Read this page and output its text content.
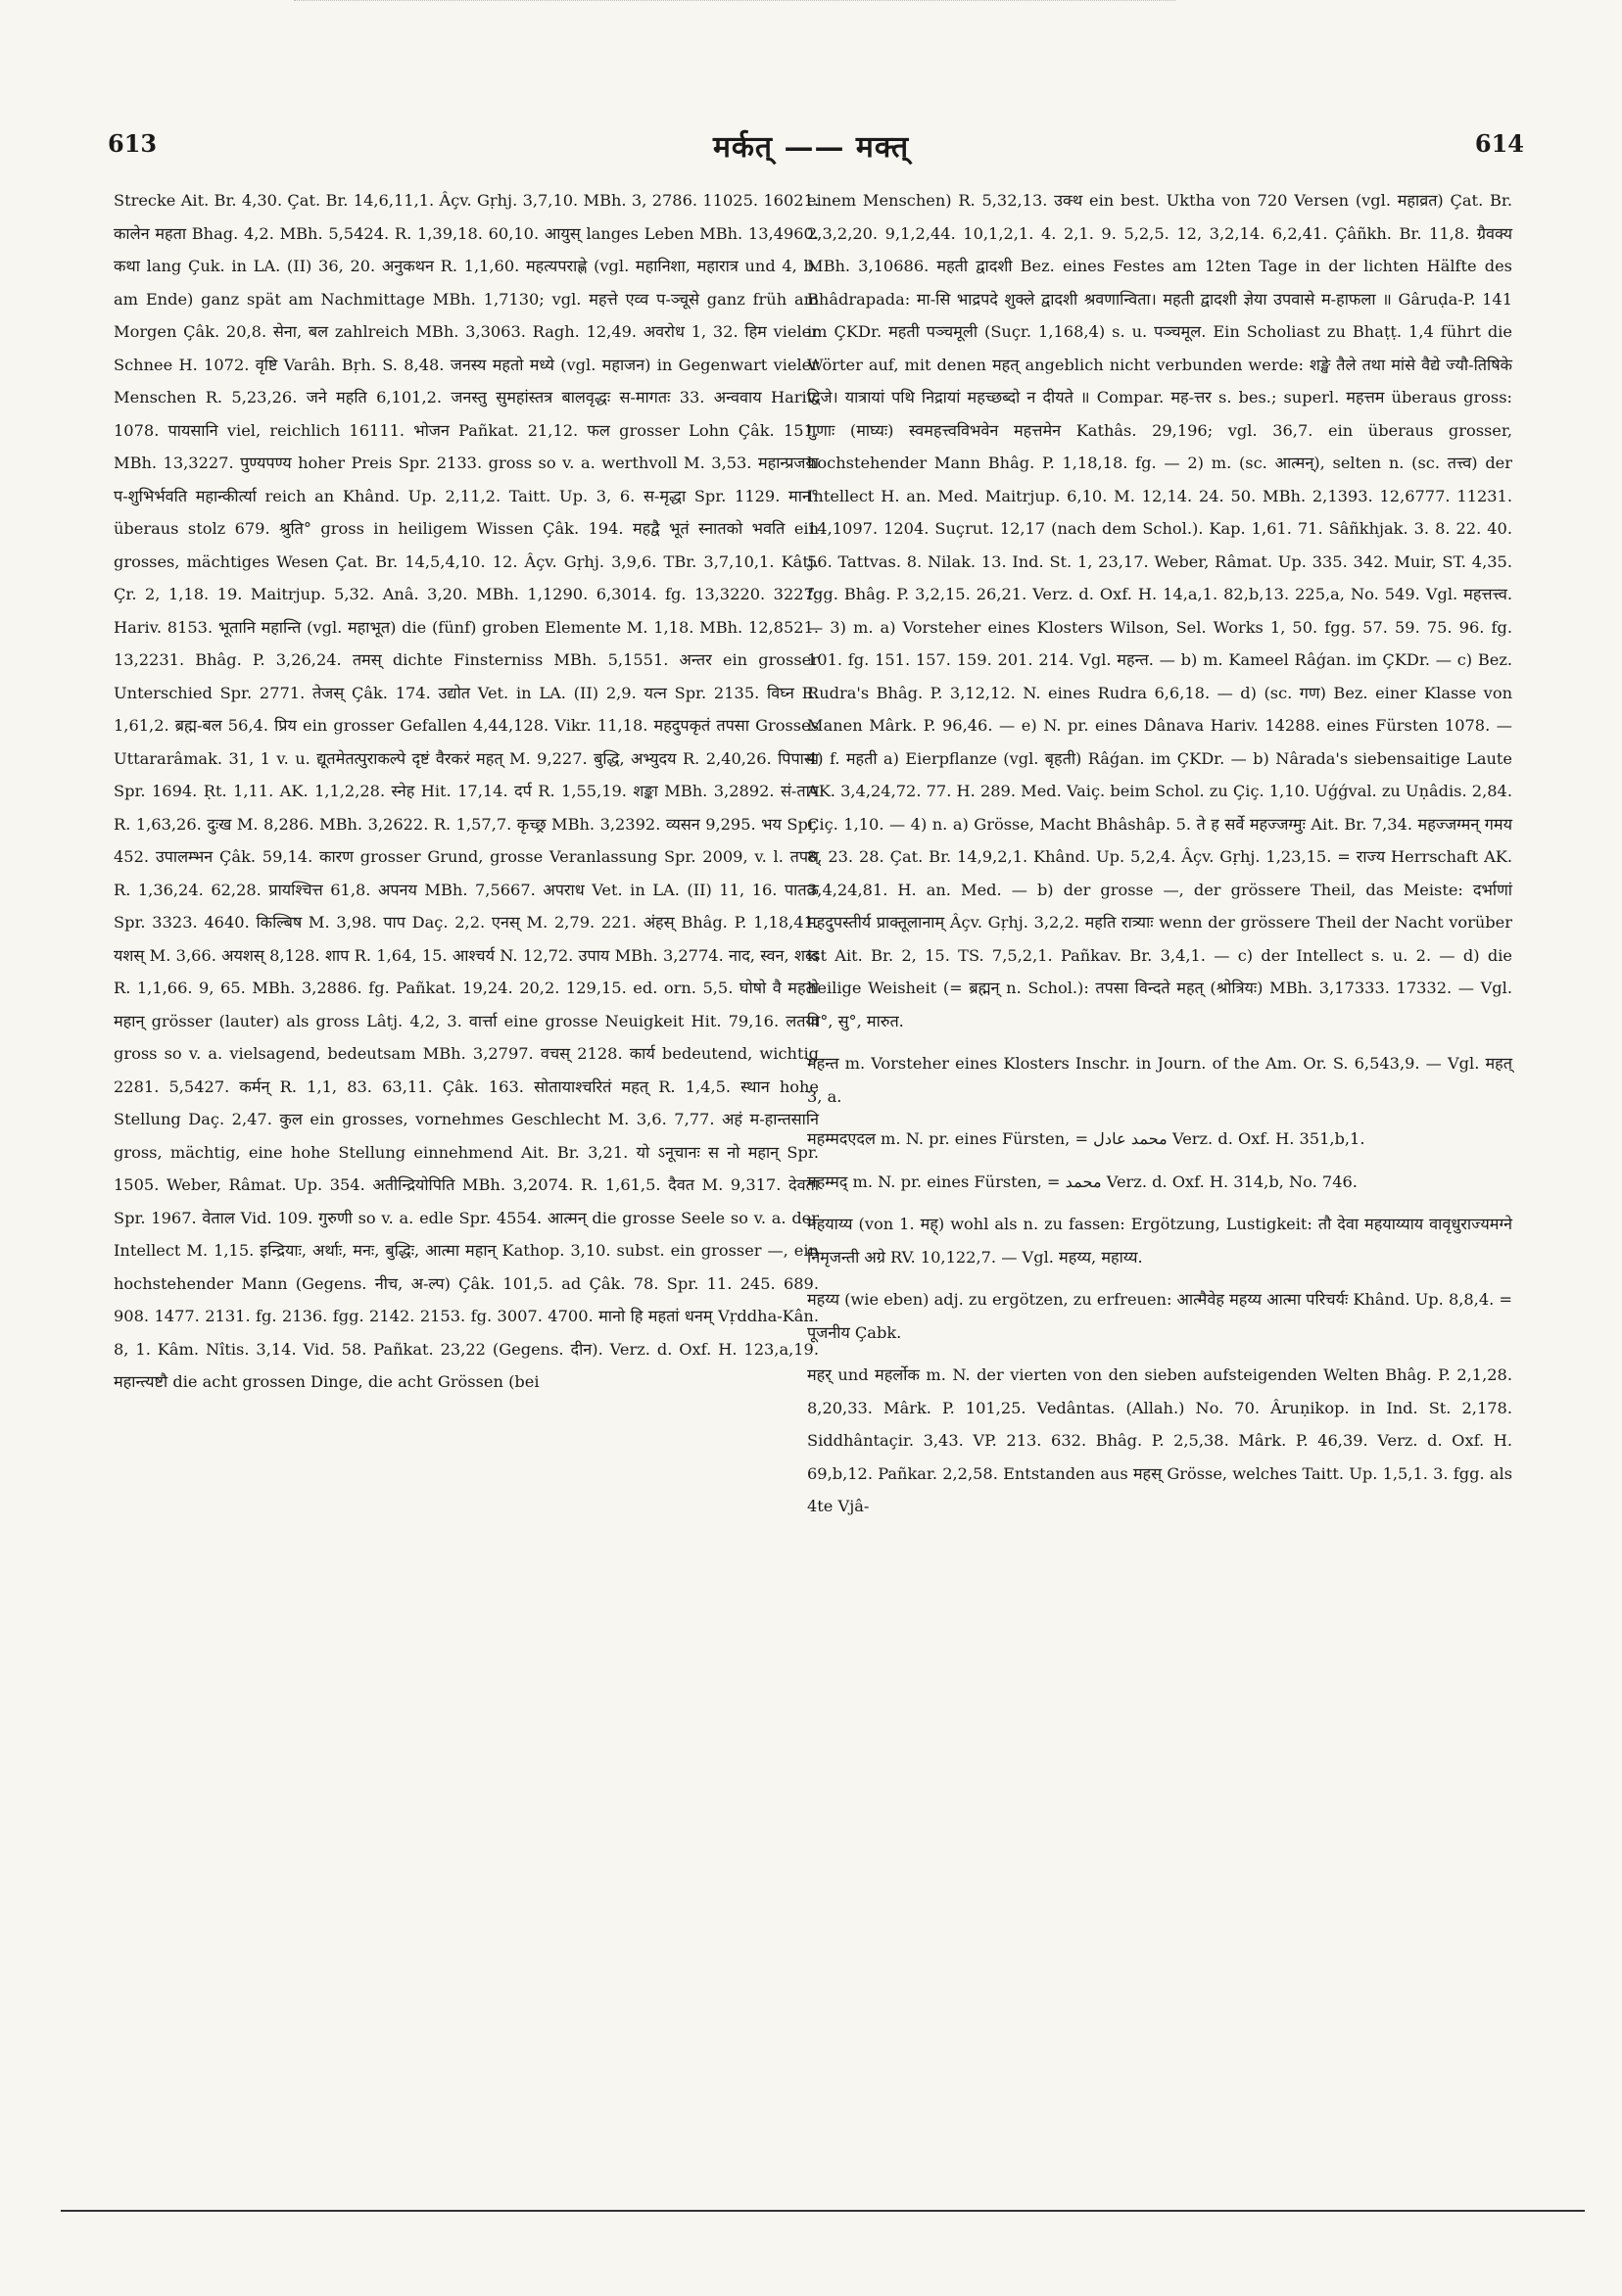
613	मर्कत् —— मक्त्	614

Strecke Ait. Br. 4,30. Çat. Br. 14,6,11,1. Âçv. Gṛhj. 3,7,10. MBh. 3, 2786. 11025. 16021. कालेन महता Bhag. 4,2. MBh. 5,5424. R. 1,39,18. 60,10. आयुस् langes Leben MBh. 13,4960. कथा lang Çuk. in LA. (II) 36, 20. अनुकथन R. 1,1,60. महत्यपराह्णे (vgl. महानिशा, महारात्र und 4, b. am Ende) ganz spät am Nachmittage MBh. 1,7130; vgl. महत्ते एव्व प-ञ्चूसे ganz früh am Morgen Çâk. 20,8. सेना, बल zahlreich MBh. 3,3063. Ragh. 12,49. अवरोध 1, 32. हिम vieler Schnee H. 1072. वृष्टि Varâh. Bṛh. S. 8,48. जनस्य महतो मध्ये (vgl. महाजन) in Gegenwart vieler Menschen R. 5,23,26. जने महति 6,101,2. जनस्तु सुमहांस्तत्र बालवृद्धः स-मागतः 33. अन्ववाय Hariv. 1078. पायसानि viel, reichlich 16111. भोजन Pañkat. 21,12. फल grosser Lohn Çâk. 151. MBh. 13,3227. पुण्यपण्य hoher Preis Spr. 2133. gross so v. a. werthvoll M. 3,53. महान्प्रजया प-शुभिर्भवति महान्कीर्त्या reich an Khând. Up. 2,11,2. Taitt. Up. 3, 6. स-मृद्धा Spr. 1129. मान° überaus stolz 679. श्रुति° gross in heiligem Wissen Çâk. 194. महद्वै भूतं स्नातको भवति ein grosses, mächtiges Wesen Çat. Br. 14,5,4,10. 12. Âçv. Gṛhj. 3,9,6. TBr. 3,7,10,1. Kâtj. Çr. 2, 1,18. 19. Maitrjup. 5,32. Anâ. 3,20. MBh. 1,1290. 6,3014. fg. 13,3220. 3227. Hariv. 8153. भूतानि महान्ति (vgl. महाभूत) die (fünf) groben Elemente M. 1,18. MBh. 12,8521. 13,2231. Bhâg. P. 3,26,24. तमस् dichte Finsterniss MBh. 5,1551. अन्तर ein grosser Unterschied Spr. 2771. तेजस् Çâk. 174. उद्योत Vet. in LA. (II) 2,9. यत्न Spr. 2135. विघ्न R. 1,61,2. ब्रह्म-बल 56,4. प्रिय ein grosser Gefallen 4,44,128. Vikr. 11,18. महदुपकृतं तपसा Grosses Uttararâmak. 31, 1 v. u. द्यूतमेतत्पुराकल्पे दृष्टं वैरकरं महत् M. 9,227. बुद्धि, अभ्युदय R. 2,40,26. पिपासा Spr. 1694. Ṛt. 1,11. AK. 1,1,2,28. स्नेह Hit. 17,14. दर्प R. 1,55,19. शङ्का MBh. 3,2892. सं-ताप R. 1,63,26. दुःख M. 8,286. MBh. 3,2622. R. 1,57,7. कृच्छ्र MBh. 3,2392. व्यसन 9,295. भय Spr. 452. उपालम्भन Çâk. 59,14. कारण grosser Grund, grosse Veranlassung Spr. 2009, v. l. तपस् R. 1,36,24. 62,28. प्रायश्चित्त 61,8. अपनय MBh. 7,5667. अपराध Vet. in LA. (II) 11, 16. पातक Spr. 3323. 4640. किल्बिष M. 3,98. पाप Daç. 2,2. एनस् M. 2,79. 221. अंहस् Bhâg. P. 1,18,41. यशस् M. 3,66. अयशस् 8,128. शाप R. 1,64, 15. आश्चर्य N. 12,72. उपाय MBh. 3,2774. नाद, स्वन, शब्द R. 1,1,66. 9, 65. MBh. 3,2886. fg. Pañkat. 19,24. 20,2. 129,15. ed. orn. 5,5. घोषो वै महतो महान् grösser (lauter) als gross Lâtj. 4,2, 3. वार्त्ता eine grosse Neuigkeit Hit. 79,16. लतया gross so v. a. vielsagend, bedeutsam MBh. 3,2797. वचस् 2128. कार्य bedeutend, wichtig 2281. 5,5427. कर्मन् R. 1,1, 83. 63,11. Çâk. 163. सोतायाश्चरितं महत् R. 1,4,5. स्थान hohe Stellung Daç. 2,47. कुल ein grosses, vornehmes Geschlecht M. 3,6. 7,77. अहं म-हान्तसानि gross, mächtig, eine hohe Stellung einnehmend Ait. Br. 3,21. यो ऽनूचानः स नो महान् Spr. 1505. Weber, Râmat. Up. 354. अतीन्द्रियोपिति MBh. 3,2074. R. 1,61,5. दैवत M. 9,317. देवता Spr. 1967. वेताल Vid. 109. गुरुणी so v. a. edle Spr. 4554. आत्मन् die grosse Seele so v. a. der Intellect M. 1,15. इन्द्रियाः, अर्थाः, मनः, बुद्धिः, आत्मा महान् Kathop. 3,10. subst. ein grosser —, ein hochstehender Mann (Gegens. नीच, अ-ल्प) Çâk. 101,5. ad Çâk. 78. Spr. 11. 245. 689. 908. 1477. 2131. fg. 2136. fgg. 2142. 2153. fg. 3007. 4700. मानो हि महतां धनम् Vṛddha-Kân. 8, 1. Kâm. Nîtis. 3,14. Vid. 58. Pañkat. 23,22 (Gegens. दीन). Verz. d. Oxf. H. 123,a,19. महान्त्यष्टौ die acht grossen Dinge, die acht Grössen (bei

einem Menschen) R. 5,32,13. उक्थ ein best. Uktha von 720 Versen (vgl. महाव्रत) Çat. Br. 2,3,2,20. 9,1,2,44. 10,1,2,1. 4. 2,1. 9. 5,2,5. 12, 3,2,14. 6,2,41. Çâñkh. Br. 11,8. ग्रैवक्य MBh. 3,10686. महती द्वादशी Bez. eines Festes am 12ten Tage in der lichten Hälfte des Bhâdrapada: मा-सि भाद्रपदे शुक्ले द्वादशी श्रवणान्विता। महती द्वादशी ज्ञेया उपवासे म-हाफला ॥ Gâruḍa-P. 141 im ÇKDr. महती पञ्चमूली (Suçr. 1,168,4) s. u. पञ्चमूल. Ein Scholiast zu Bhaṭṭ. 1,4 führt die Wörter auf, mit denen महत् angeblich nicht verbunden werde: शङ्खे तैले तथा मांसे वैद्ये ज्यौ-तिषिके द्विजे। यात्रायां पथि निद्रायां महच्छब्दो न दीयते ॥ Compar. मह-त्तर s. bes.; superl. महत्तम überaus gross: गुणाः (माघ्यः) स्वमहत्त्वविभवेन महत्तमेन Kathâs. 29,196; vgl. 36,7. ein überaus grosser, hochstehender Mann Bhâg. P. 1,18,18. fg. — 2) m. (sc. आत्मन्), selten n. (sc. तत्त्व) der Intellect H. an. Med. Maitrjup. 6,10. M. 12,14. 24. 50. MBh. 2,1393. 12,6777. 11231. 14,1097. 1204. Suçrut. 12,17 (nach dem Schol.). Kap. 1,61. 71. Sâñkhjak. 3. 8. 22. 40. 56. Tattvas. 8. Nilak. 13. Ind. St. 1, 23,17. Weber, Râmat. Up. 335. 342. Muir, ST. 4,35. fgg. Bhâg. P. 3,2,15. 26,21. Verz. d. Oxf. H. 14,a,1. 82,b,13. 225,a, No. 549. Vgl. महत्तत्त्व. — 3) m. a) Vorsteher eines Klosters Wilson, Sel. Works 1, 50. fgg. 57. 59. 75. 96. fg. 101. fg. 151. 157. 159. 201. 214. Vgl. महन्त. — b) m. Kameel Râǵan. im ÇKDr. — c) Bez. Rudra's Bhâg. P. 3,12,12. N. eines Rudra 6,6,18. — d) (sc. गण) Bez. einer Klasse von Manen Mârk. P. 96,46. — e) N. pr. eines Dânava Hariv. 14288. eines Fürsten 1078. — 4) f. महती a) Eierpflanze (vgl. बृहती) Râǵan. im ÇKDr. — b) Nârada's siebensaitige Laute AK. 3,4,24,72. 77. H. 289. Med. Vaiç. beim Schol. zu Çiç. 1,10. Uǵǵval. zu Uṇâdis. 2,84. Çiç. 1,10. — 4) n. a) Grösse, Macht Bhâshâp. 5. ते ह सर्वे महज्जग्मुः Ait. Br. 7,34. महज्जग्मन् गमय 8, 23. 28. Çat. Br. 14,9,2,1. Khând. Up. 5,2,4. Âçv. Gṛhj. 1,23,15. = राज्य Herrschaft AK. 3,4,24,81. H. an. Med. — b) der grosse —, der grössere Theil, das Meiste: दर्भाणां महदुपस्तीर्य प्राक्तूलानाम् Âçv. Gṛhj. 3,2,2. महति रात्र्याः wenn der grössere Theil der Nacht vorüber ist Ait. Br. 2, 15. TS. 7,5,2,1. Pañkav. Br. 3,4,1. — c) der Intellect s. u. 2. — d) die heilige Weisheit (= ब्रह्मन् n. Schol.): तपसा विन्दते महत् (श्रोत्रियः) MBh. 3,17333. 17332. — Vgl. वि°, सु°, मारुत.

महन्त m. Vorsteher eines Klosters Inschr. in Journ. of the Am. Or. S. 6,543,9. — Vgl. महत् 3, a.

महम्मदएदल m. N. pr. eines Fürsten, = محمد عادل Verz. d. Oxf. H. 351,b,1.

महम्मद् m. N. pr. eines Fürsten, = محمد Verz. d. Oxf. H. 314,b, No. 746.

महयाय्य (von 1. मह्) wohl als n. zu fassen: Ergötzung, Lustigkeit: तौ देवा महयाय्याय वावृधुराज्यमग्ने निमृजन्ती अग्रे RV. 10,122,7. — Vgl. महय्य, महाय्य.

महय्य (wie eben) adj. zu ergötzen, zu erfreuen: आत्मैवेह महय्य आत्मा परिचर्यः Khând. Up. 8,8,4. = पूजनीय Çabk.

महर् und महर्लोक m. N. der vierten von den sieben aufsteigenden Welten Bhâg. P. 2,1,28. 8,20,33. Mârk. P. 101,25. Vedântas. (Allah.) No. 70. Âruṇikop. in Ind. St. 2,178. Siddhântaçir. 3,43. VP. 213. 632. Bhâg. P. 2,5,38. Mârk. P. 46,39. Verz. d. Oxf. H. 69,b,12. Pañkar. 2,2,58. Entstanden aus महस् Grösse, welches Taitt. Up. 1,5,1. 3. fgg. als 4te Vjâ-
